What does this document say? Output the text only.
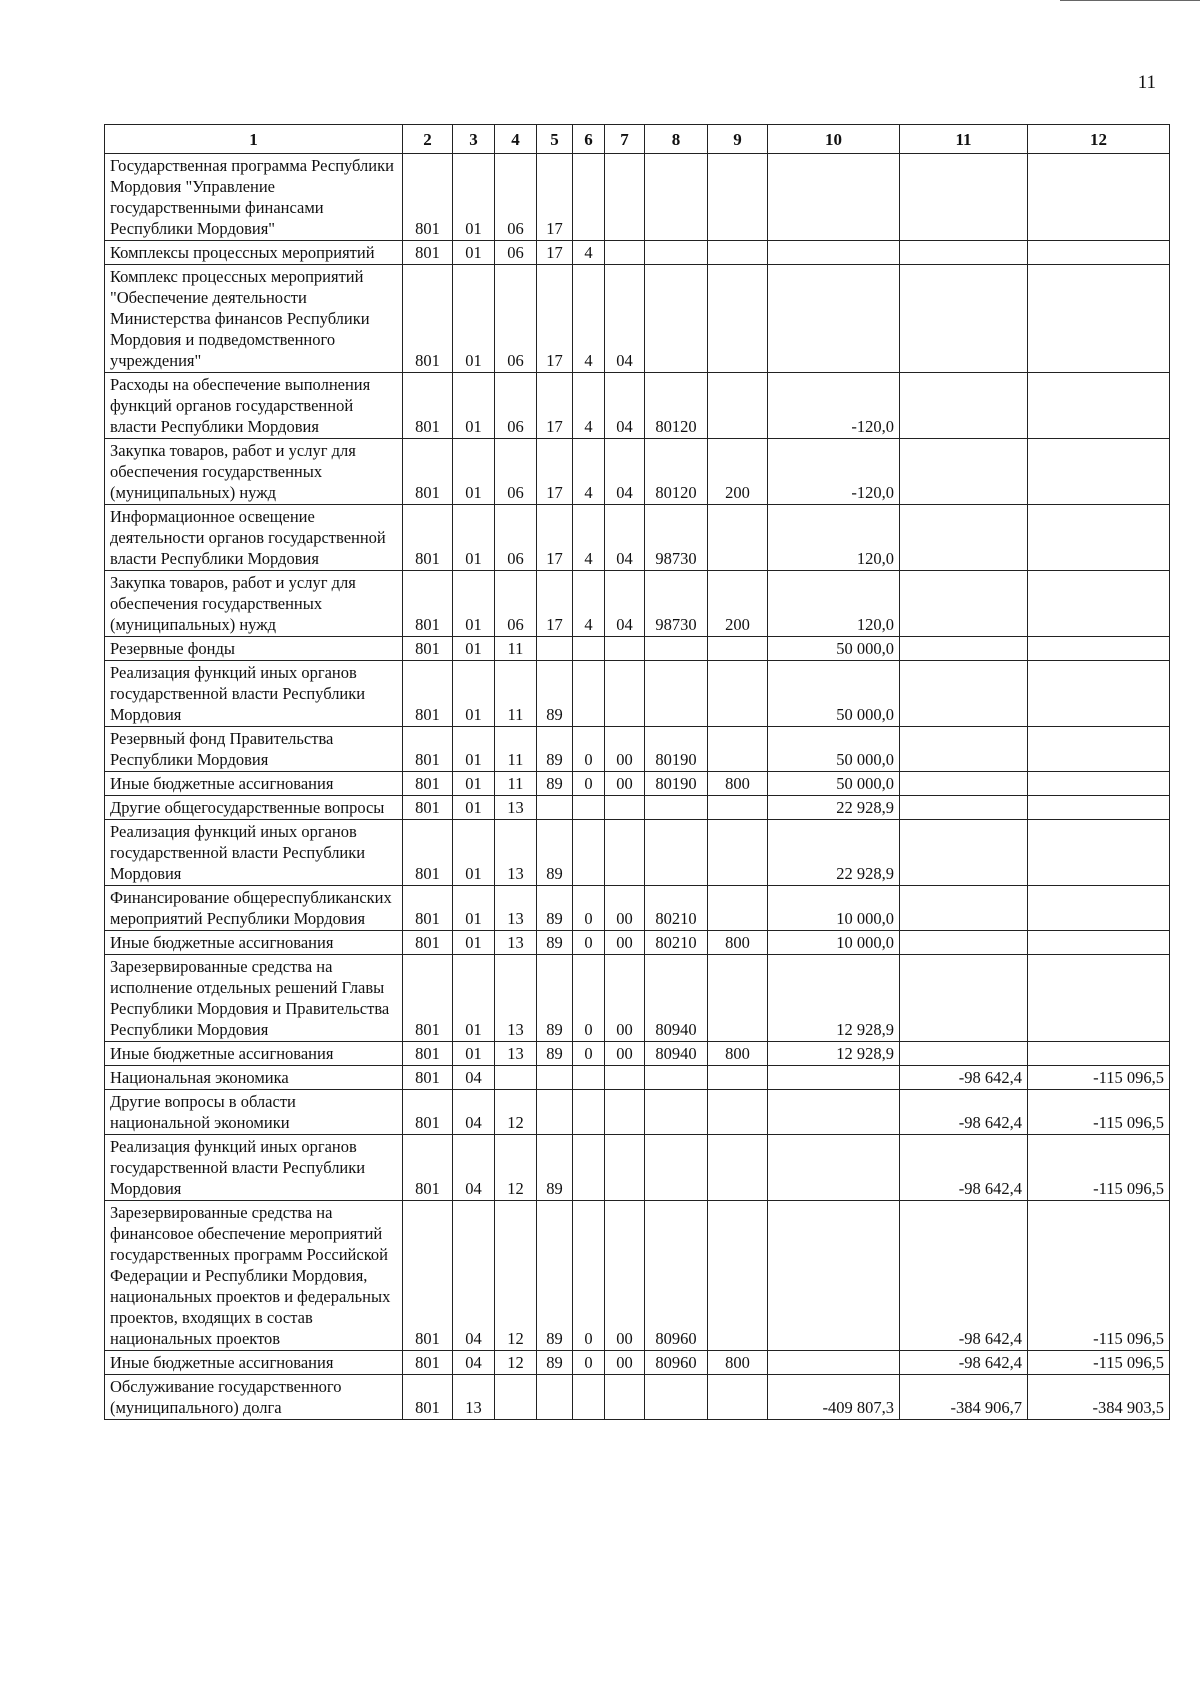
11
1	2	3	4	5	6	7	8	9	10	11	12
Государственная программа Республики Мордовия "Управление государственными финансами Республики Мордовия"	801	01	06	17							
Комплексы процессных мероприятий	801	01	06	17	4						
Комплекс процессных мероприятий "Обеспечение деятельности Министерства финансов Республики Мордовия и подведомственного учреждения"	801	01	06	17	4	04					
Расходы на обеспечение выполнения функций органов государственной власти Республики Мордовия	801	01	06	17	4	04	80120		-120,0		
Закупка товаров, работ и услуг для обеспечения государственных (муниципальных) нужд	801	01	06	17	4	04	80120	200	-120,0		
Информационное освещение деятельности органов государственной власти Республики Мордовия	801	01	06	17	4	04	98730		120,0		
Закупка товаров, работ и услуг для обеспечения государственных (муниципальных) нужд	801	01	06	17	4	04	98730	200	120,0		
Резервные фонды	801	01	11						50 000,0		
Реализация функций иных органов государственной власти Республики Мордовия	801	01	11	89					50 000,0		
Резервный фонд Правительства Республики Мордовия	801	01	11	89	0	00	80190		50 000,0		
Иные бюджетные ассигнования	801	01	11	89	0	00	80190	800	50 000,0		
Другие общегосударственные вопросы	801	01	13						22 928,9		
Реализация функций иных органов государственной власти Республики Мордовия	801	01	13	89					22 928,9		
Финансирование общереспубликанских мероприятий Республики Мордовия	801	01	13	89	0	00	80210		10 000,0		
Иные бюджетные ассигнования	801	01	13	89	0	00	80210	800	10 000,0		
Зарезервированные средства на исполнение отдельных решений Главы Республики Мордовия и Правительства Республики Мордовия	801	01	13	89	0	00	80940		12 928,9		
Иные бюджетные ассигнования	801	01	13	89	0	00	80940	800	12 928,9		
Национальная экономика	801	04								-98 642,4	-115 096,5
Другие вопросы в области национальной экономики	801	04	12							-98 642,4	-115 096,5
Реализация функций иных органов государственной власти Республики Мордовия	801	04	12	89						-98 642,4	-115 096,5
Зарезервированные средства на финансовое обеспечение мероприятий государственных программ Российской Федерации и Республики Мордовия, национальных проектов и федеральных проектов, входящих в состав национальных проектов	801	04	12	89	0	00	80960			-98 642,4	-115 096,5
Иные бюджетные ассигнования	801	04	12	89	0	00	80960	800		-98 642,4	-115 096,5
Обслуживание государственного (муниципального) долга	801	13							-409 807,3	-384 906,7	-384 903,5
